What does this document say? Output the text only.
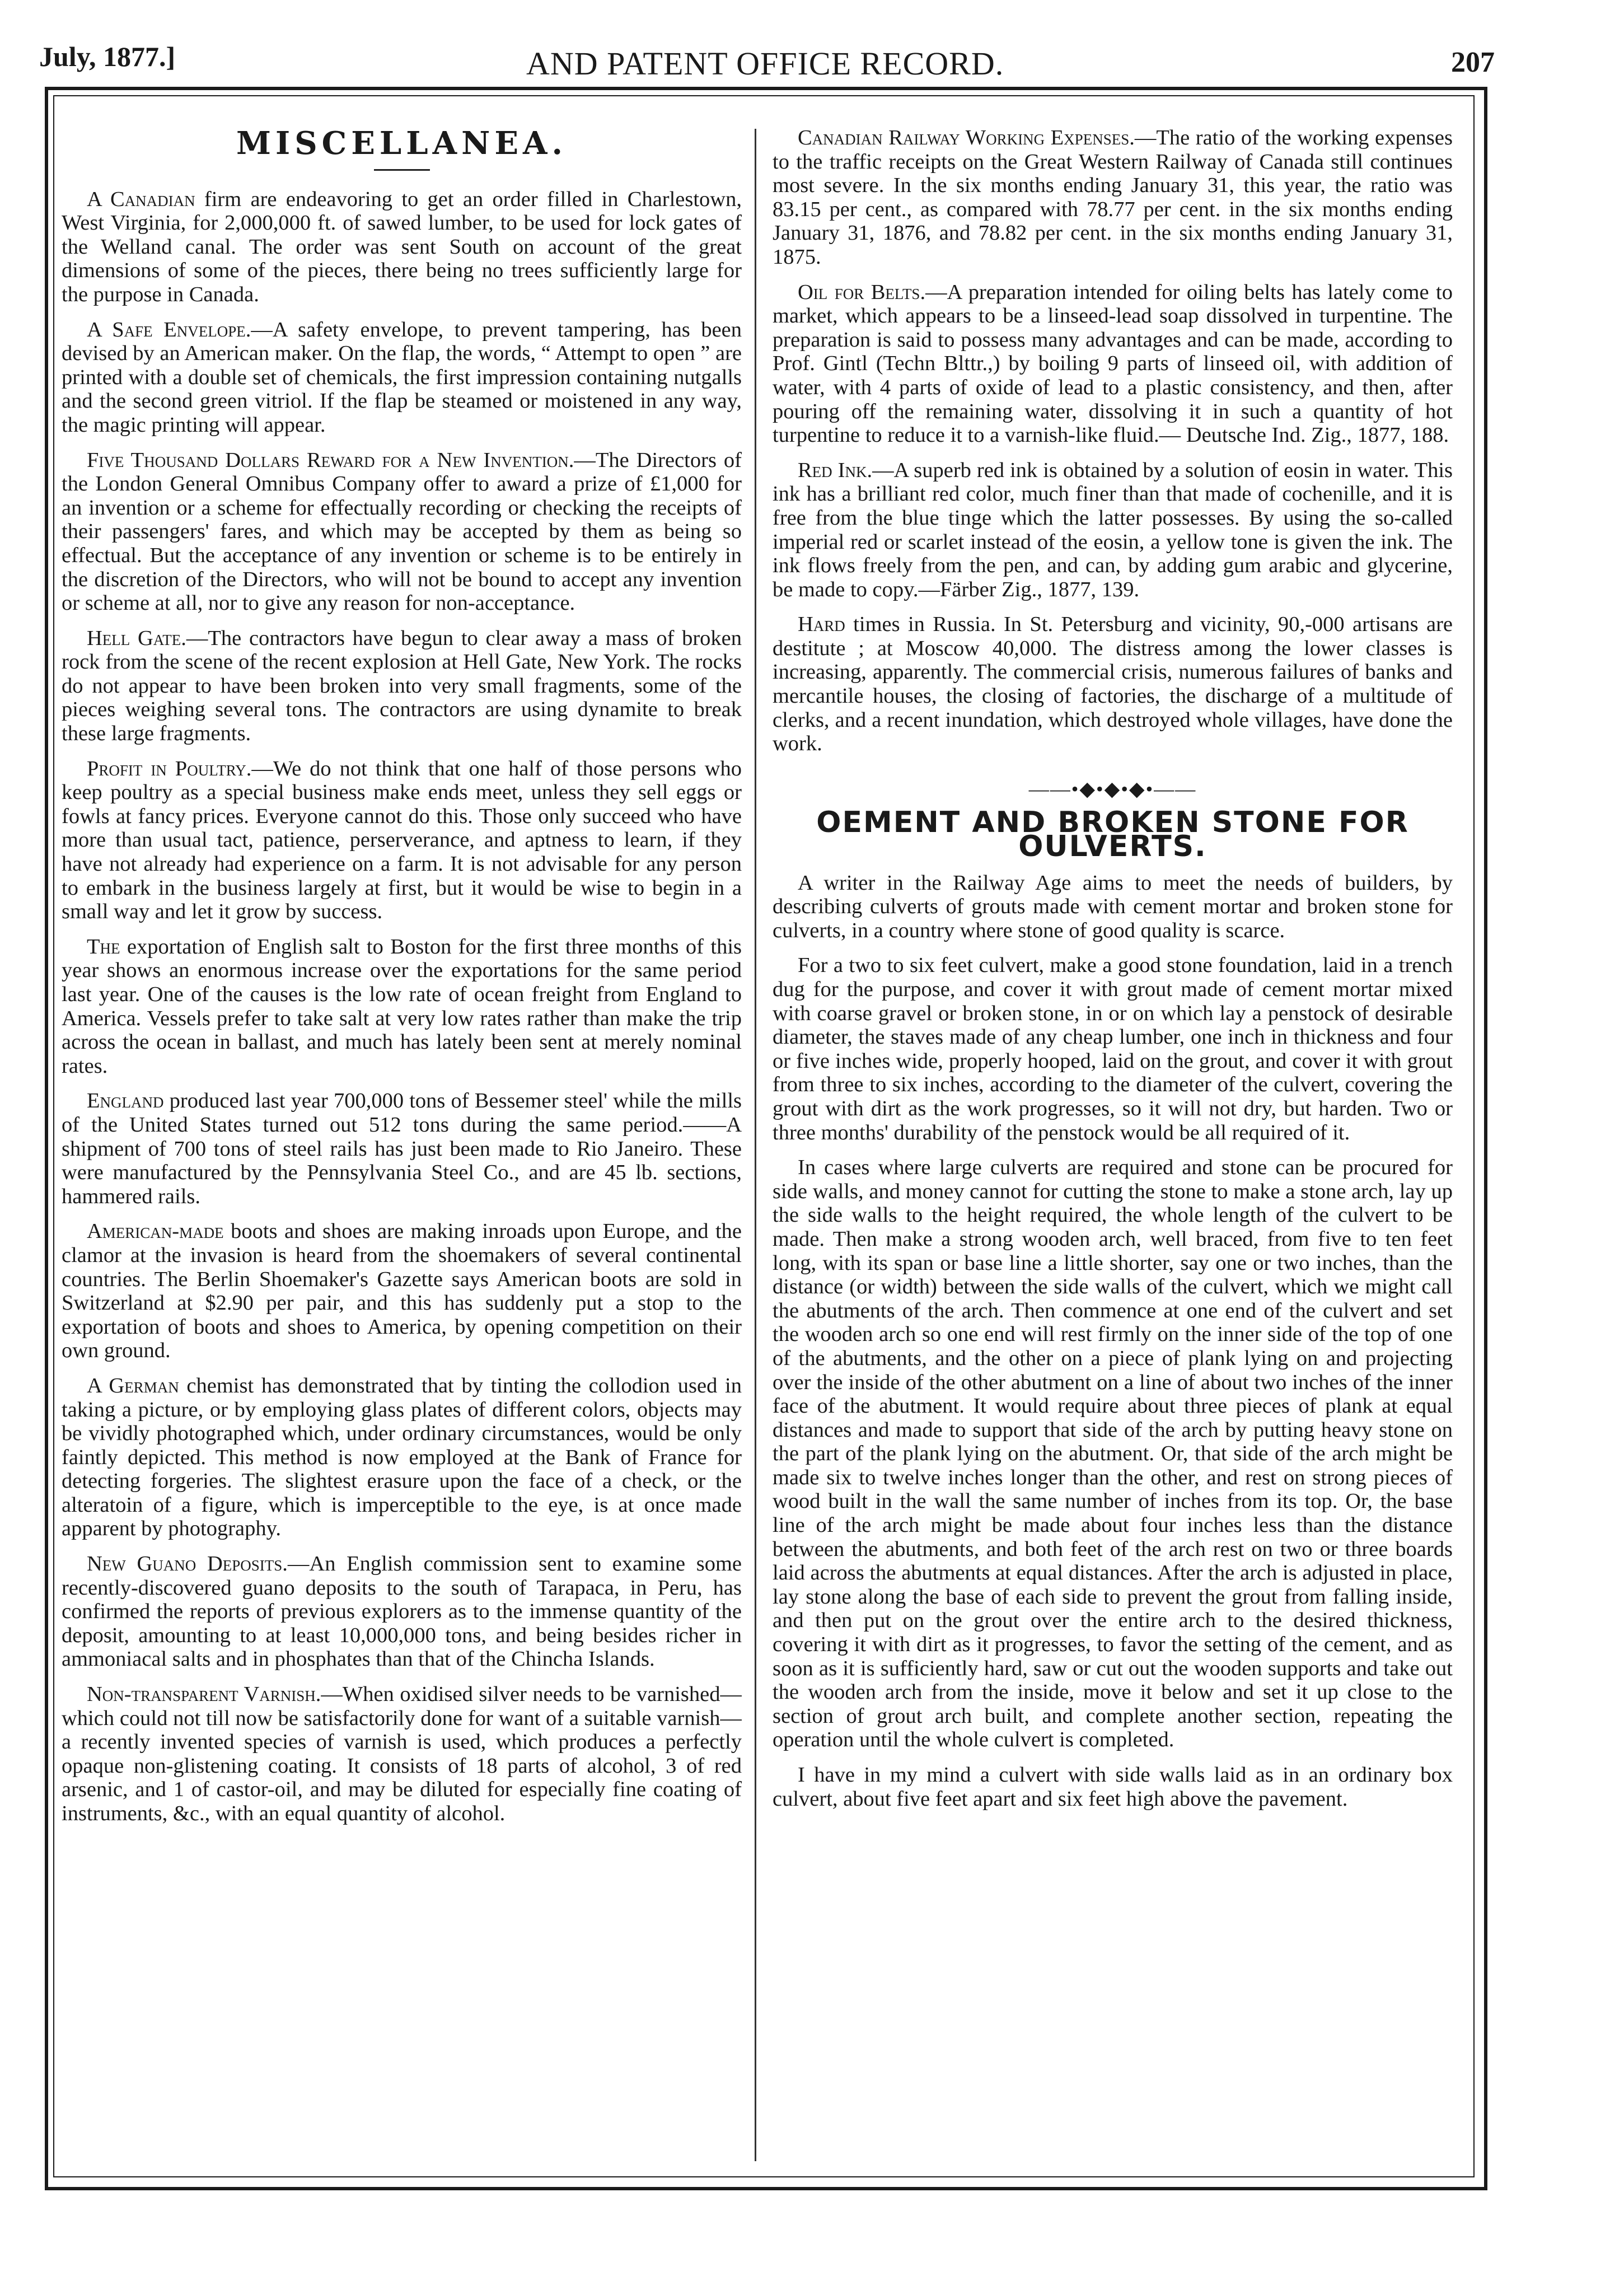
July, 1877.]	AND PATENT OFFICE RECORD.	207
MISCELLANEA.

A Canadian firm are endeavoring to get an order filled in Charlestown, West Virginia, for 2,000,000 ft. of sawed lumber, to be used for lock gates of the Welland canal. The order was sent South on account of the great dimensions of some of the pieces, there being no trees sufficiently large for the purpose in Canada.

A Safe Envelope.—A safety envelope, to prevent tampering, has been devised by an American maker. On the flap, the words, “ Attempt to open ” are printed with a double set of chemicals, the first impression containing nutgalls and the second green vitriol. If the flap be steamed or moistened in any way, the magic printing will appear.

Five Thousand Dollars Reward for a New Invention.—The Directors of the London General Omnibus Company offer to award a prize of £1,000 for an invention or a scheme for effectually recording or checking the receipts of their passengers' fares, and which may be accepted by them as being so effectual. But the acceptance of any invention or scheme is to be entirely in the discretion of the Directors, who will not be bound to accept any invention or scheme at all, nor to give any reason for non-acceptance.

Hell Gate.—The contractors have begun to clear away a mass of broken rock from the scene of the recent explosion at Hell Gate, New York. The rocks do not appear to have been broken into very small fragments, some of the pieces weighing several tons. The contractors are using dynamite to break these large fragments.

Profit in Poultry.—We do not think that one half of those persons who keep poultry as a special business make ends meet, unless they sell eggs or fowls at fancy prices. Everyone cannot do this. Those only succeed who have more than usual tact, patience, perserverance, and aptness to learn, if they have not already had experience on a farm. It is not advisable for any person to embark in the business largely at first, but it would be wise to begin in a small way and let it grow by success.

The exportation of English salt to Boston for the first three months of this year shows an enormous increase over the exportations for the same period last year. One of the causes is the low rate of ocean freight from England to America. Vessels prefer to take salt at very low rates rather than make the trip across the ocean in ballast, and much has lately been sent at merely nominal rates.

England produced last year 700,000 tons of Bessemer steel' while the mills of the United States turned out 512 tons during the same period.——A shipment of 700 tons of steel rails has just been made to Rio Janeiro. These were manufactured by the Pennsylvania Steel Co., and are 45 lb. sections, hammered rails.

American-made boots and shoes are making inroads upon Europe, and the clamor at the invasion is heard from the shoemakers of several continental countries. The Berlin Shoemaker's Gazette says American boots are sold in Switzerland at $2.90 per pair, and this has suddenly put a stop to the exportation of boots and shoes to America, by opening competition on their own ground.

A German chemist has demonstrated that by tinting the collodion used in taking a picture, or by employing glass plates of different colors, objects may be vividly photographed which, under ordinary circumstances, would be only faintly depicted. This method is now employed at the Bank of France for detecting forgeries. The slightest erasure upon the face of a check, or the alteratoin of a figure, which is imperceptible to the eye, is at once made apparent by photography.

New Guano Deposits.—An English commission sent to examine some recently-discovered guano deposits to the south of Tarapaca, in Peru, has confirmed the reports of previous explorers as to the immense quantity of the deposit, amounting to at least 10,000,000 tons, and being besides richer in ammoniacal salts and in phosphates than that of the Chincha Islands.

Non-transparent Varnish.—When oxidised silver needs to be varnished—which could not till now be satisfactorily done for want of a suitable varnish—a recently invented species of varnish is used, which produces a perfectly opaque non-glistening coating. It consists of 18 parts of alcohol, 3 of red arsenic, and 1 of castor-oil, and may be diluted for especially fine coating of instruments, &c., with an equal quantity of alcohol.

Canadian Railway Working Expenses.—The ratio of the working expenses to the traffic receipts on the Great Western Railway of Canada still continues most severe. In the six months ending January 31, this year, the ratio was 83.15 per cent., as compared with 78.77 per cent. in the six months ending January 31, 1876, and 78.82 per cent. in the six months ending January 31, 1875.

Oil for Belts.—A preparation intended for oiling belts has lately come to market, which appears to be a linseed-lead soap dissolved in turpentine. The preparation is said to possess many advantages and can be made, according to Prof. Gintl (Techn Blttr.,) by boiling 9 parts of linseed oil, with addition of water, with 4 parts of oxide of lead to a plastic consistency, and then, after pouring off the remaining water, dissolving it in such a quantity of hot turpentine to reduce it to a varnish-like fluid.— Deutsche Ind. Zig., 1877, 188.

Red Ink.—A superb red ink is obtained by a solution of eosin in water. This ink has a brilliant red color, much finer than that made of cochenille, and it is free from the blue tinge which the latter possesses. By using the so-called imperial red or scarlet instead of the eosin, a yellow tone is given the ink. The ink flows freely from the pen, and can, by adding gum arabic and glycerine, be made to copy.—Färber Zig., 1877, 139.

Hard times in Russia. In St. Petersburg and vicinity, 90,-000 artisans are destitute ; at Moscow 40,000. The distress among the lower classes is increasing, apparently. The commercial crisis, numerous failures of banks and mercantile houses, the closing of factories, the discharge of a multitude of clerks, and a recent inundation, which destroyed whole villages, have done the work.

——•◆•◆•◆•——
OEMENT AND BROKEN STONE FOR OULVERTS.

A writer in the Railway Age aims to meet the needs of builders, by describing culverts of grouts made with cement mortar and broken stone for culverts, in a country where stone of good quality is scarce.

For a two to six feet culvert, make a good stone foundation, laid in a trench dug for the purpose, and cover it with grout made of cement mortar mixed with coarse gravel or broken stone, in or on which lay a penstock of desirable diameter, the staves made of any cheap lumber, one inch in thickness and four or five inches wide, properly hooped, laid on the grout, and cover it with grout from three to six inches, according to the diameter of the culvert, covering the grout with dirt as the work progresses, so it will not dry, but harden. Two or three months' durability of the penstock would be all required of it.

In cases where large culverts are required and stone can be procured for side walls, and money cannot for cutting the stone to make a stone arch, lay up the side walls to the height required, the whole length of the culvert to be made. Then make a strong wooden arch, well braced, from five to ten feet long, with its span or base line a little shorter, say one or two inches, than the distance (or width) between the side walls of the culvert, which we might call the abutments of the arch. Then commence at one end of the culvert and set the wooden arch so one end will rest firmly on the inner side of the top of one of the abutments, and the other on a piece of plank lying on and projecting over the inside of the other abutment on a line of about two inches of the inner face of the abutment. It would require about three pieces of plank at equal distances and made to support that side of the arch by putting heavy stone on the part of the plank lying on the abutment. Or, that side of the arch might be made six to twelve inches longer than the other, and rest on strong pieces of wood built in the wall the same number of inches from its top. Or, the base line of the arch might be made about four inches less than the distance between the abutments, and both feet of the arch rest on two or three boards laid across the abutments at equal distances. After the arch is adjusted in place, lay stone along the base of each side to prevent the grout from falling inside, and then put on the grout over the entire arch to the desired thickness, covering it with dirt as it progresses, to favor the setting of the cement, and as soon as it is sufficiently hard, saw or cut out the wooden supports and take out the wooden arch from the inside, move it below and set it up close to the section of grout arch built, and complete another section, repeating the operation until the whole culvert is completed.

I have in my mind a culvert with side walls laid as in an ordinary box culvert, about five feet apart and six feet high above the pavement.
